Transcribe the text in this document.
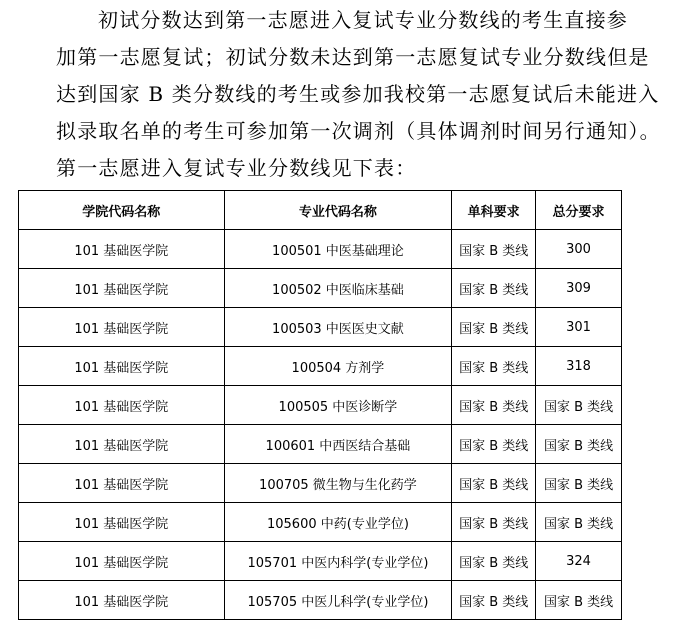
初试分数达到第一志愿进入复试专业分数线的考生直接参
加第一志愿复试；初试分数未达到第一志愿复试专业分数线但是
达到国家 B 类分数线的考生或参加我校第一志愿复试后未能进入
拟录取名单的考生可参加第一次调剂（具体调剂时间另行通知）。
第一志愿进入复试专业分数线见下表：
学院代码名称	专业代码名称	单科要求	总分要求
101 基础医学院	100501 中医基础理论	国家 B 类线	300
101 基础医学院	100502 中医临床基础	国家 B 类线	309
101 基础医学院	100503 中医医史文献	国家 B 类线	301
101 基础医学院	100504 方剂学	国家 B 类线	318
101 基础医学院	100505 中医诊断学	国家 B 类线	国家 B 类线
101 基础医学院	100601 中西医结合基础	国家 B 类线	国家 B 类线
101 基础医学院	100705 微生物与生化药学	国家 B 类线	国家 B 类线
101 基础医学院	105600 中药(专业学位)	国家 B 类线	国家 B 类线
101 基础医学院	105701 中医内科学(专业学位)	国家 B 类线	324
101 基础医学院	105705 中医儿科学(专业学位)	国家 B 类线	国家 B 类线
